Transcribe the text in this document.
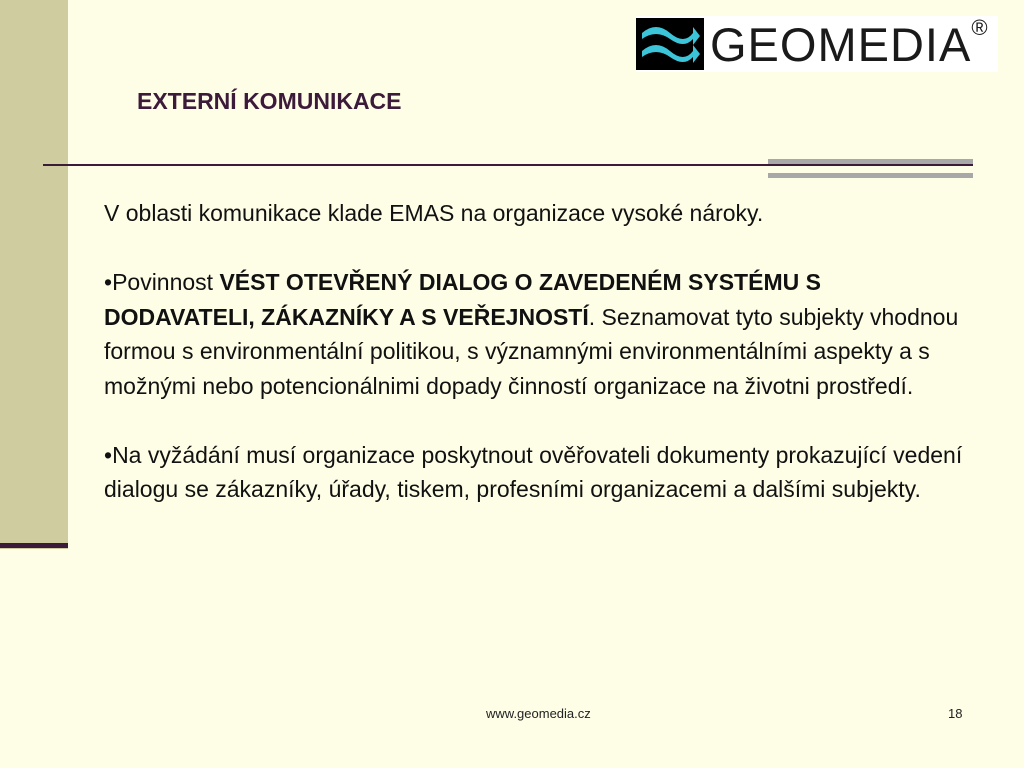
GEOMEDIA®
EXTERNÍ KOMUNIKACE

V oblasti komunikace klade EMAS na organizace vysoké nároky.

•Povinnost VÉST OTEVŘENÝ DIALOG O ZAVEDENÉM SYSTÉMU S DODAVATELI, ZÁKAZNÍKY A S VEŘEJNOSTÍ. Seznamovat tyto subjekty vhodnou formou s environmentální politikou, s významnými environmentálními aspekty a s možnými nebo potencionálnimi dopady činností organizace na životni prostředí.

•Na vyžádání musí organizace poskytnout ověřovateli dokumenty prokazující vedení dialogu se zákazníky, úřady, tiskem, profesními organizacemi a dalšími subjekty.

www.geomedia.cz	18
